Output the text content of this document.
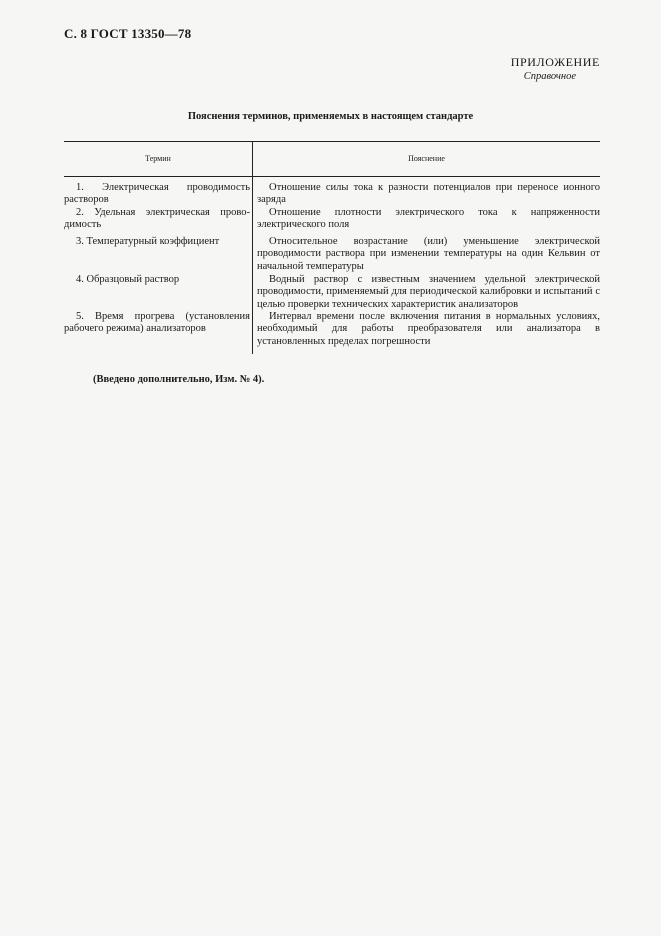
С. 8 ГОСТ 13350—78
ПРИЛОЖЕНИЕ
Справочное
Пояснения терминов, применяемых в настоящем стандарте
Термин	Пояснение
1. Электрическая проводимость растворов
2. Удельная электрическая прово-димость
3. Температурный коэффициент
4. Образцовый раствор
5. Время прогрева (установления рабочего режима) анализаторов
Отношение силы тока к разности потенциалов при переносе ионного заряда
Отношение плотности электрического тока к напряженности электрического поля
Относительное возрастание (или) уменьшение электрической проводимости раствора при изменении температуры на один Кельвин от начальной температуры
Водный раствор с известным значением удельной электрической проводимости, применяемый для периодической калибровки и испытаний с целью проверки технических характеристик анализаторов
Интервал времени после включения питания в нормальных условиях, необходимый для работы преобразователя или анализатора в установленных пределах погрешности
(Введено дополнительно, Изм. № 4).
